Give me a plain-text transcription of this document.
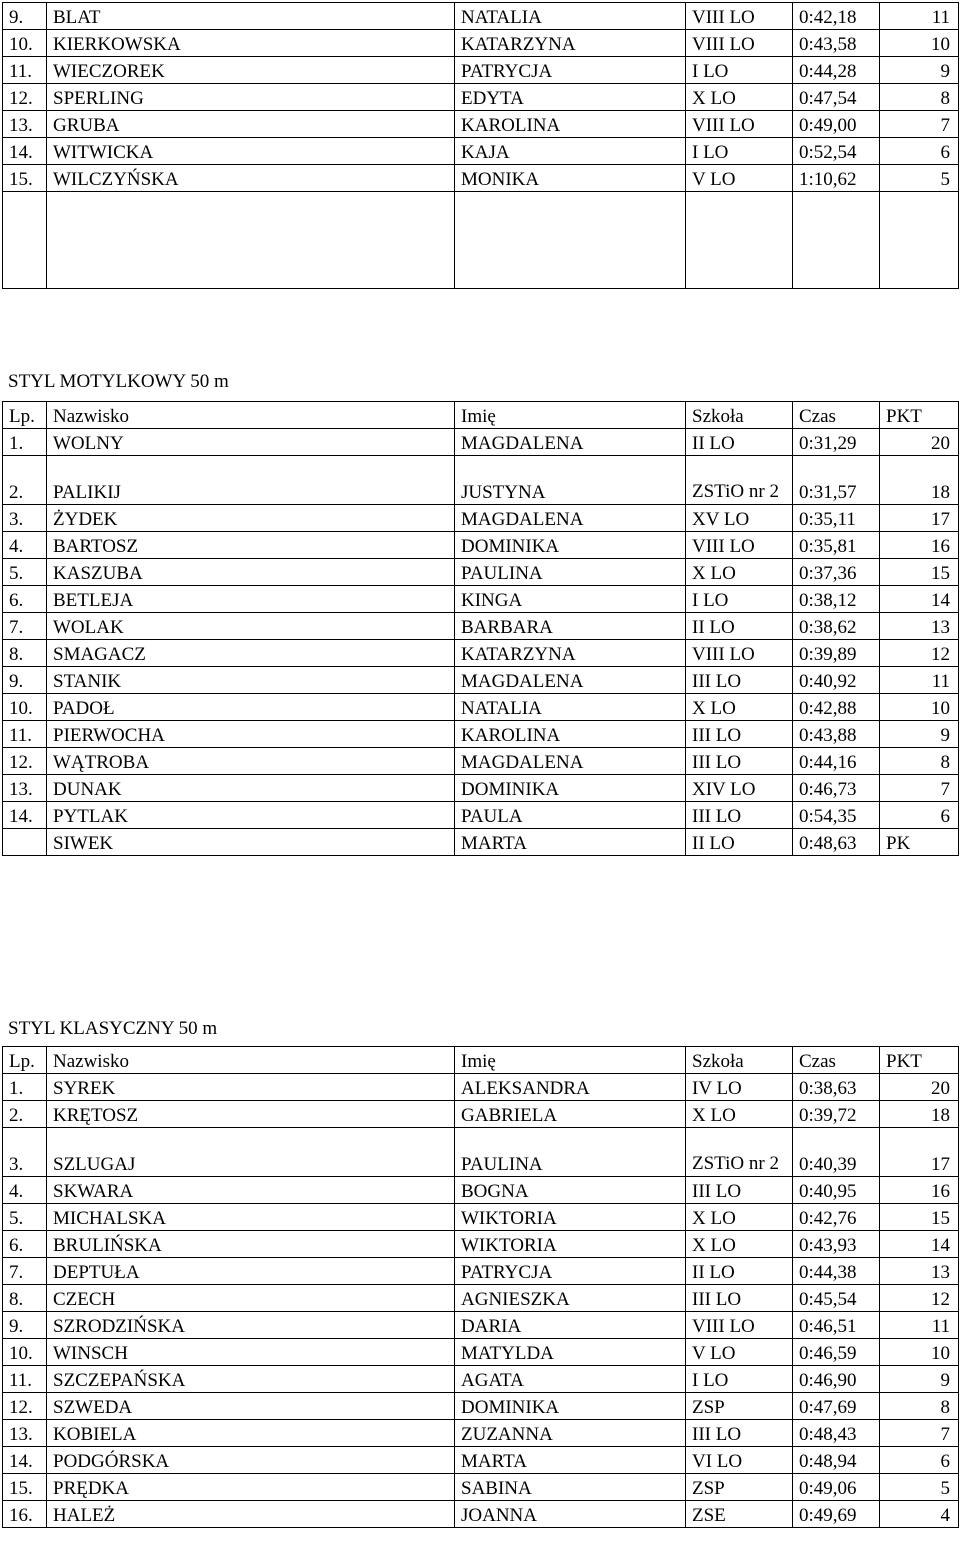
9.	BLAT	NATALIA	VIII LO	0:42,18	11
10.	KIERKOWSKA	KATARZYNA	VIII LO	0:43,58	10
11.	WIECZOREK	PATRYCJA	I LO	0:44,28	9
12.	SPERLING	EDYTA	X LO	0:47,54	8
13.	GRUBA	KAROLINA	VIII LO	0:49,00	7
14.	WITWICKA	KAJA	I LO	0:52,54	6
15.	WILCZYŃSKA	MONIKA	V LO	1:10,62	5

STYL MOTYLKOWY 50 m
Lp.	Nazwisko	Imię	Szkoła	Czas	PKT
1.	WOLNY	MAGDALENA	II LO	0:31,29	20
2.	PALIKIJ	JUSTYNA	ZSTiO nr 2	0:31,57	18
3.	ŻYDEK	MAGDALENA	XV LO	0:35,11	17
4.	BARTOSZ	DOMINIKA	VIII LO	0:35,81	16
5.	KASZUBA	PAULINA	X LO	0:37,36	15
6.	BETLEJA	KINGA	I LO	0:38,12	14
7.	WOLAK	BARBARA	II LO	0:38,62	13
8.	SMAGACZ	KATARZYNA	VIII LO	0:39,89	12
9.	STANIK	MAGDALENA	III LO	0:40,92	11
10.	PADOŁ	NATALIA	X LO	0:42,88	10
11.	PIERWOCHA	KAROLINA	III LO	0:43,88	9
12.	WĄTROBA	MAGDALENA	III LO	0:44,16	8
13.	DUNAK	DOMINIKA	XIV LO	0:46,73	7
14.	PYTLAK	PAULA	III LO	0:54,35	6
	SIWEK	MARTA	II LO	0:48,63	PK
STYL KLASYCZNY 50 m
Lp.	Nazwisko	Imię	Szkoła	Czas	PKT
1.	SYREK	ALEKSANDRA	IV LO	0:38,63	20
2.	KRĘTOSZ	GABRIELA	X LO	0:39,72	18
3.	SZLUGAJ	PAULINA	ZSTiO nr 2	0:40,39	17
4.	SKWARA	BOGNA	III LO	0:40,95	16
5.	MICHALSKA	WIKTORIA	X LO	0:42,76	15
6.	BRULIŃSKA	WIKTORIA	X LO	0:43,93	14
7.	DEPTUŁA	PATRYCJA	II LO	0:44,38	13
8.	CZECH	AGNIESZKA	III LO	0:45,54	12
9.	SZRODZIŃSKA	DARIA	VIII LO	0:46,51	11
10.	WINSCH	MATYLDA	V LO	0:46,59	10
11.	SZCZEPAŃSKA	AGATA	I LO	0:46,90	9
12.	SZWEDA	DOMINIKA	ZSP	0:47,69	8
13.	KOBIELA	ZUZANNA	III LO	0:48,43	7
14.	PODGÓRSKA	MARTA	VI LO	0:48,94	6
15.	PRĘDKA	SABINA	ZSP	0:49,06	5
16.	HALEŻ	JOANNA	ZSE	0:49,69	4
